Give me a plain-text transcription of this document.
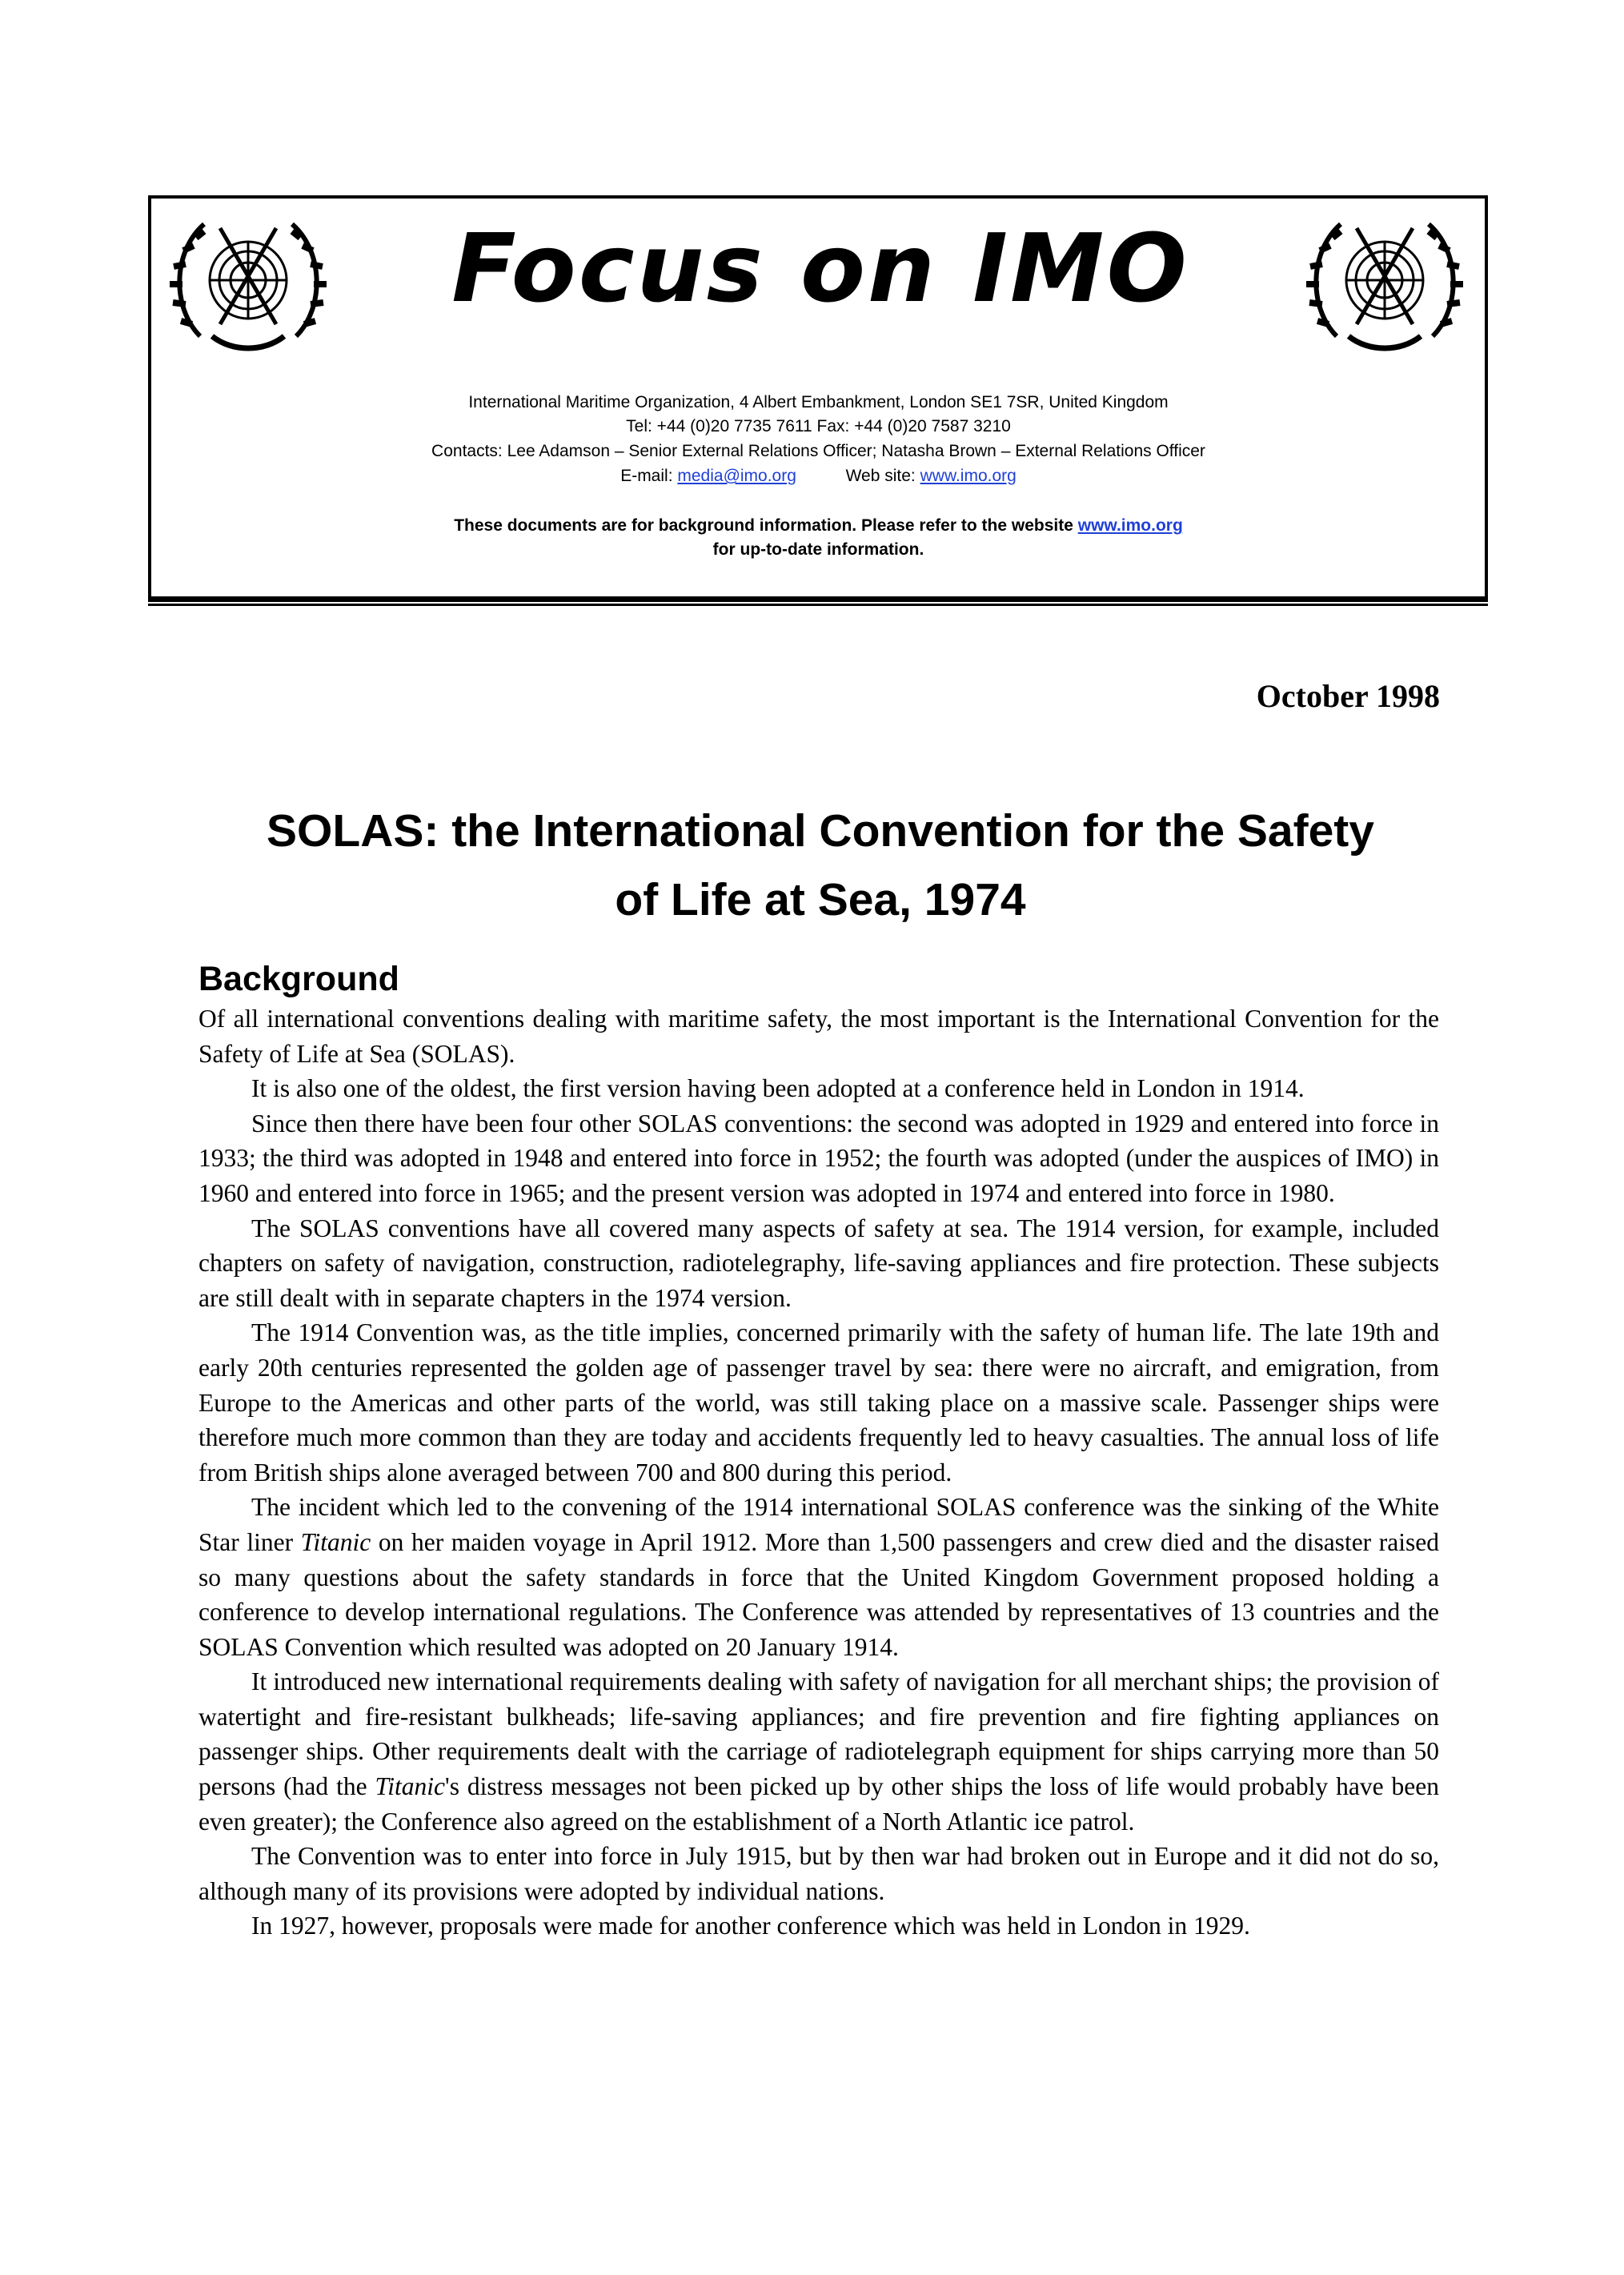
Focus on IMO
International Maritime Organization, 4 Albert Embankment, London SE1 7SR, United Kingdom
Tel: +44 (0)20 7735 7611 Fax: +44 (0)20 7587 3210
Contacts: Lee Adamson – Senior External Relations Officer; Natasha Brown – External Relations Officer
E-mail: media@imo.org	Web site: www.imo.org
These documents are for background information. Please refer to the website www.imo.org
for up-to-date information.
October 1998
SOLAS: the International Convention for the Safety
of Life at Sea, 1974
Background

Of all international conventions dealing with maritime safety, the most important is the International Convention for the Safety of Life at Sea (SOLAS).

It is also one of the oldest, the first version having been adopted at a conference held in London in 1914.

Since then there have been four other SOLAS conventions: the second was adopted in 1929 and entered into force in 1933; the third was adopted in 1948 and entered into force in 1952; the fourth was adopted (under the auspices of IMO) in 1960 and entered into force in 1965; and the present version was adopted in 1974 and entered into force in 1980.

The SOLAS conventions have all covered many aspects of safety at sea. The 1914 version, for example, included chapters on safety of navigation, construction, radiotelegraphy, life-saving appliances and fire protection. These subjects are still dealt with in separate chapters in the 1974 version.

The 1914 Convention was, as the title implies, concerned primarily with the safety of human life. The late 19th and early 20th centuries represented the golden age of passenger travel by sea: there were no aircraft, and emigration, from Europe to the Americas and other parts of the world, was still taking place on a massive scale. Passenger ships were therefore much more common than they are today and accidents frequently led to heavy casualties. The annual loss of life from British ships alone averaged between 700 and 800 during this period.

The incident which led to the convening of the 1914 international SOLAS conference was the sinking of the White Star liner Titanic on her maiden voyage in April 1912. More than 1,500 passengers and crew died and the disaster raised so many questions about the safety standards in force that the United Kingdom Government proposed holding a conference to develop international regulations. The Conference was attended by representatives of 13 countries and the SOLAS Convention which resulted was adopted on 20 January 1914.

It introduced new international requirements dealing with safety of navigation for all merchant ships; the provision of watertight and fire-resistant bulkheads; life-saving appliances; and fire prevention and fire fighting appliances on passenger ships. Other requirements dealt with the carriage of radiotelegraph equipment for ships carrying more than 50 persons (had the Titanic's distress messages not been picked up by other ships the loss of life would probably have been even greater); the Conference also agreed on the establishment of a North Atlantic ice patrol.

The Convention was to enter into force in July 1915, but by then war had broken out in Europe and it did not do so, although many of its provisions were adopted by individual nations.

In 1927, however, proposals were made for another conference which was held in London in 1929.
